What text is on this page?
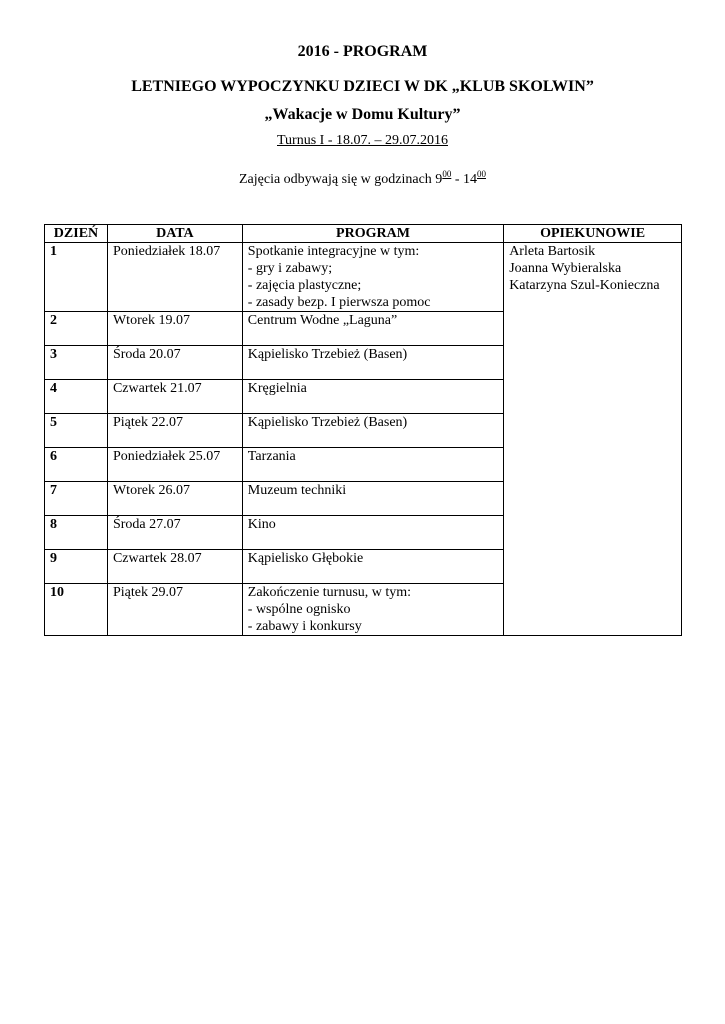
2016 - PROGRAM
LETNIEGO WYPOCZYNKU DZIECI W DK „KLUB SKOLWIN”
„Wakacje w Domu Kultury”
Turnus I - 18.07. – 29.07.2016
Zajęcia odbywają się w godzinach $9^{00} - 14^{00}$
DZIEŃ	DATA	PROGRAM	OPIEKUNOWIE
1	Poniedziałek 18.07	Spotkanie integracyjne w tym:
- gry i zabawy;
- zajęcia plastyczne;
- zasady bezp. I pierwsza pomoc	Arleta Bartosik
Joanna Wybieralska
Katarzyna Szul-Konieczna

2	Wtorek 19.07	Centrum Wodne „Laguna”	

3	Środa 20.07	Kąpielisko Trzebież (Basen)	

4	Czwartek 21.07	Kręgielnia	

5	Piątek 22.07	Kąpielisko Trzebież (Basen)	

6	Poniedziałek 25.07	Tarzania	

7	Wtorek 26.07	Muzeum techniki	

8	Środa 27.07	Kino	

9	Czwartek 28.07	Kąpielisko Głębokie	

10	Piątek 29.07	Zakończenie turnusu, w tym:
- wspólne ognisko
- zabawy i konkursy	
